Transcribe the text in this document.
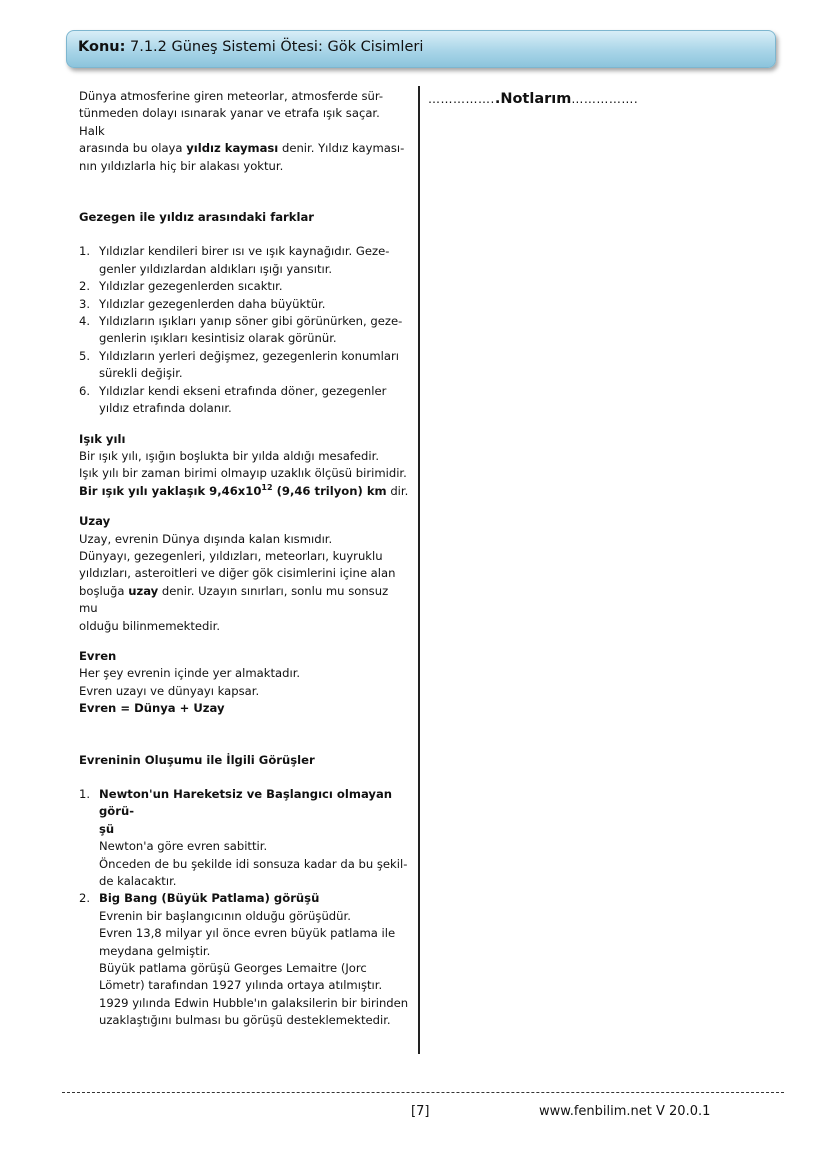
Konu: 7.1.2 Güneş Sistemi Ötesi: Gök Cisimleri

Dünya atmosferine giren meteorlar, atmosferde sür-
tünmeden dolayı ısınarak yanar ve etrafa ışık saçar. Halk
arasında bu olaya yıldız kayması denir. Yıldız kayması-
nın yıldızlarla hiç bir alakası yoktur.

Gezegen ile yıldız arasındaki farklar

1. Yıldızlar kendileri birer ısı ve ışık kaynağıdır. Geze-
genler yıldızlardan aldıkları ışığı yansıtır.
2. Yıldızlar gezegenlerden sıcaktır.
3. Yıldızlar gezegenlerden daha büyüktür.
4. Yıldızların ışıkları yanıp söner gibi görünürken, geze-
genlerin ışıkları kesintisiz olarak görünür.
5. Yıldızların yerleri değişmez, gezegenlerin konumları
sürekli değişir.
6. Yıldızlar kendi ekseni etrafında döner, gezegenler
yıldız etrafında dolanır.

Işık yılı

Bir ışık yılı, ışığın boşlukta bir yılda aldığı mesafedir.
Işık yılı bir zaman birimi olmayıp uzaklık ölçüsü birimidir.
Bir ışık yılı yaklaşık $9,46x10^{12}$ (9,46 trilyon) km dir.

Uzay

Uzay, evrenin Dünya dışında kalan kısmıdır.
Dünyayı, gezegenleri, yıldızları, meteorları, kuyruklu
yıldızları, asteroitleri ve diğer gök cisimlerini içine alan
boşluğa uzay denir. Uzayın sınırları, sonlu mu sonsuz mu
olduğu bilinmemektedir.

Evren

Her şey evrenin içinde yer almaktadır.
Evren uzayı ve dünyayı kapsar.
Evren = Dünya + Uzay

Evreninin Oluşumu ile İlgili Görüşler

1. Newton'un Hareketsiz ve Başlangıcı olmayan görü-
şü
Newton'a göre evren sabittir.
Önceden de bu şekilde idi sonsuza kadar da bu şekil-
de kalacaktır.
2. Big Bang (Büyük Patlama) görüşü
Evrenin bir başlangıcının olduğu görüşüdür.
Evren 13,8 milyar yıl önce evren büyük patlama ile
meydana gelmiştir.
Büyük patlama görüşü Georges Lemaitre (Jorc
Lömetr) tarafından 1927 yılında ortaya atılmıştır.
1929 yılında Edwin Hubble'ın galaksilerin bir birinden
uzaklaştığını bulması bu görüşü desteklemektedir.
……………..Notlarım…………….
[7]	www.fenbilim.net V 20.0.1
